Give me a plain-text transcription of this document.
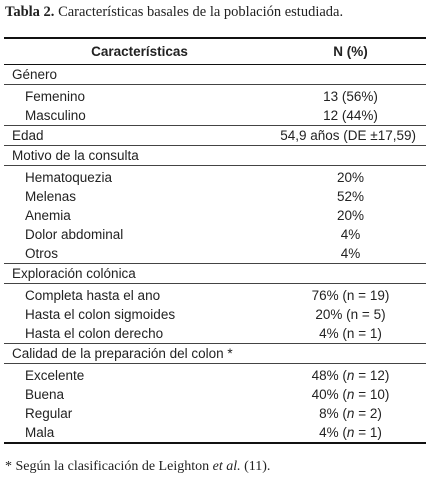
Tabla 2. Características basales de la población estudiada.
Características	N (%)
Género	

Femenino	13 (56%)
Masculino	12 (44%)
Edad	54,9 años (DE ±17,59)
Motivo de la consulta	

Hematoquezia	20%
Melenas	52%
Anemia	20%
Dolor abdominal	4%
Otros	4%
Exploración colónica	

Completa hasta el ano	76% (n = 19)
Hasta el colon sigmoides	20% (n = 5)
Hasta el colon derecho	4% (n = 1)
Calidad de la preparación del colon *	

Excelente	48% (n = 12)
Buena	40% (n = 10)
Regular	8% (n = 2)
Mala	4% (n = 1)
* Según la clasificación de Leighton et al. (11).
